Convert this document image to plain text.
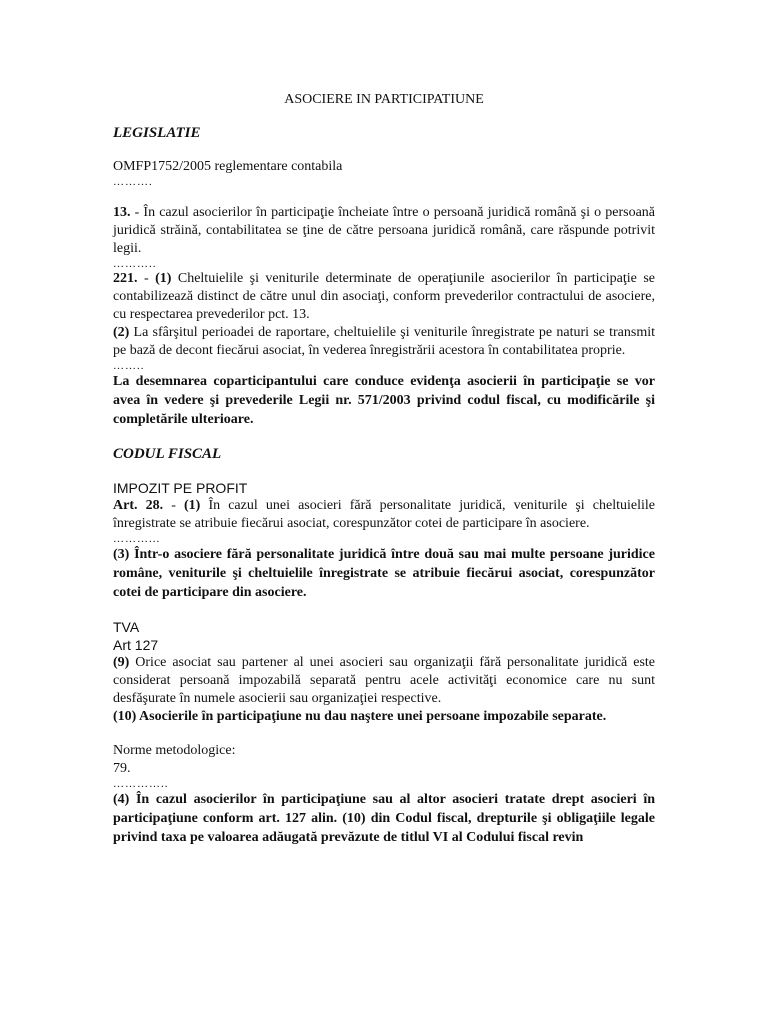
ASOCIERE IN PARTICIPATIUNE
LEGISLATIE
OMFP1752/2005 reglementare contabila
……….

13. - În cazul asocierilor în participaţie încheiate între o persoană juridică română şi o persoană juridică străină, contabilitatea se ţine de către persoana juridică română, care răspunde potrivit legii.

………..

221. - (1) Cheltuielile şi veniturile determinate de operaţiunile asocierilor în participaţie se contabilizează distinct de către unul din asociaţi, conform prevederilor contractului de asociere, cu respectarea prevederilor pct. 13.

(2) La sfârşitul perioadei de raportare, cheltuielile şi veniturile înregistrate pe naturi se transmit pe bază de decont fiecărui asociat, în vederea înregistrării acestora în contabilitatea proprie.

……..

La desemnarea coparticipantului care conduce evidenţa asocierii în participaţie se vor avea în vedere şi prevederile Legii nr. 571/2003 privind codul fiscal, cu modificările şi completările ulterioare.

CODUL FISCAL
IMPOZIT PE PROFIT

Art. 28. - (1) În cazul unei asocieri fără personalitate juridică, veniturile şi cheltuielile înregistrate se atribuie fiecărui asociat, corespunzător cotei de participare în asociere.

………...

(3) Într-o asociere fără personalitate juridică între două sau mai multe persoane juridice române, veniturile şi cheltuielile înregistrate se atribuie fiecărui asociat, corespunzător cotei de participare din asociere.

TVA
Art 127

(9) Orice asociat sau partener al unei asocieri sau organizaţii fără personalitate juridică este considerat persoană impozabilă separată pentru acele activităţi economice care nu sunt desfăşurate în numele asocierii sau organizaţiei respective.

(10) Asocierile în participaţiune nu dau naştere unei persoane impozabile separate.

Norme metodologice:
79.
…………..

(4) În cazul asocierilor în participaţiune sau al altor asocieri tratate drept asocieri în participaţiune conform art. 127 alin. (10) din Codul fiscal, drepturile şi obligaţiile legale privind taxa pe valoarea adăugată prevăzute de titlul VI al Codului fiscal revin
